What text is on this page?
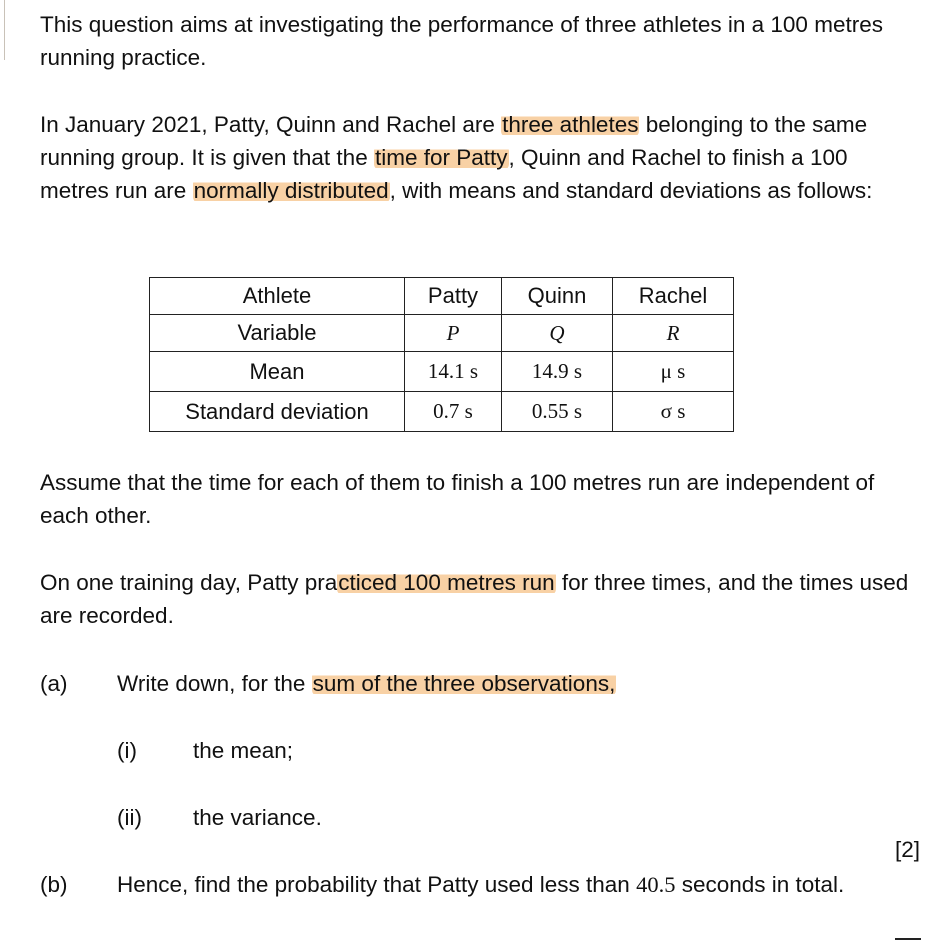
This question aims at investigating the performance of three athletes in a 100 metres running practice.

In January 2021, Patty, Quinn and Rachel are three athletes belonging to the same running group. It is given that the time for Patty, Quinn and Rachel to finish a 100 metres run are normally distributed, with means and standard deviations as follows:

Athlete	Patty	Quinn	Rachel
Variable	P	Q	R
Mean	14.1 s	14.9 s	μ s
Standard deviation	0.7 s	0.55 s	σ s

Assume that the time for each of them to finish a 100 metres run are independent of each other.

On one training day, Patty practiced 100 metres run for three times, and the times used are recorded.

(a) Write down, for the sum of the three observations,

(i) the mean;
(ii) the variance.
[2]
(b) Hence, find the probability that Patty used less than 40.5 seconds in total.
